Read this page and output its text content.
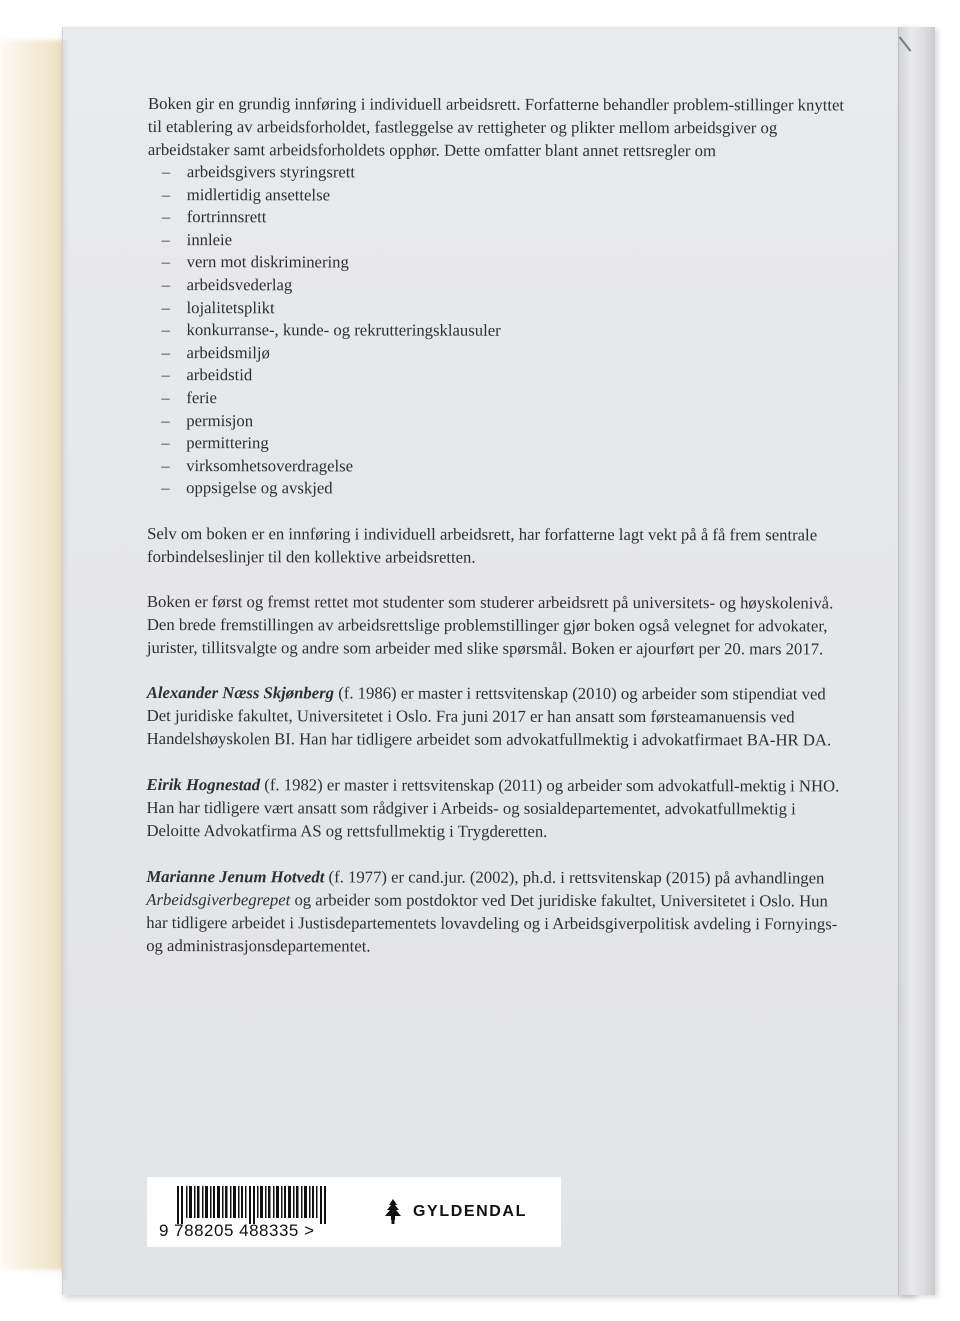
Boken gir en grundig innføring i individuell arbeidsrett. Forfatterne behandler problem-stillinger knyttet til etablering av arbeidsforholdet, fastleggelse av rettigheter og plikter mellom arbeidsgiver og arbeidstaker samt arbeidsforholdets opphør. Dette omfatter blant annet rettsregler om

– arbeidsgivers styringsrett
– midlertidig ansettelse
– fortrinnsrett
– innleie
– vern mot diskriminering
– arbeidsvederlag
– lojalitetsplikt
– konkurranse-, kunde- og rekrutteringsklausuler
– arbeidsmiljø
– arbeidstid
– ferie
– permisjon
– permittering
– virksomhetsoverdragelse
– oppsigelse og avskjed

Selv om boken er en innføring i individuell arbeidsrett, har forfatterne lagt vekt på å få frem sentrale forbindelseslinjer til den kollektive arbeidsretten.

Boken er først og fremst rettet mot studenter som studerer arbeidsrett på universitets- og høyskolenivå. Den brede fremstillingen av arbeidsrettslige problemstillinger gjør boken også velegnet for advokater, jurister, tillitsvalgte og andre som arbeider med slike spørsmål. Boken er ajourført per 20. mars 2017.

Alexander Næss Skjønberg (f. 1986) er master i rettsvitenskap (2010) og arbeider som stipendiat ved Det juridiske fakultet, Universitetet i Oslo. Fra juni 2017 er han ansatt som førsteamanuensis ved Handelshøyskolen BI. Han har tidligere arbeidet som advokatfullmektig i advokatfirmaet BA-HR DA.

Eirik Hognestad (f. 1982) er master i rettsvitenskap (2011) og arbeider som advokatfull-mektig i NHO. Han har tidligere vært ansatt som rådgiver i Arbeids- og sosialdepartementet, advokatfullmektig i Deloitte Advokatfirma AS og rettsfullmektig i Trygderetten.

Marianne Jenum Hotvedt (f. 1977) er cand.jur. (2002), ph.d. i rettsvitenskap (2015) på avhandlingen Arbeidsgiverbegrepet og arbeider som postdoktor ved Det juridiske fakultet, Universitetet i Oslo. Hun har tidligere arbeidet i Justisdepartementets lovavdeling og i Arbeidsgiverpolitisk avdeling i Fornyings- og administrasjonsdepartementet.

9 788205 488335 >
GYLDENDAL
